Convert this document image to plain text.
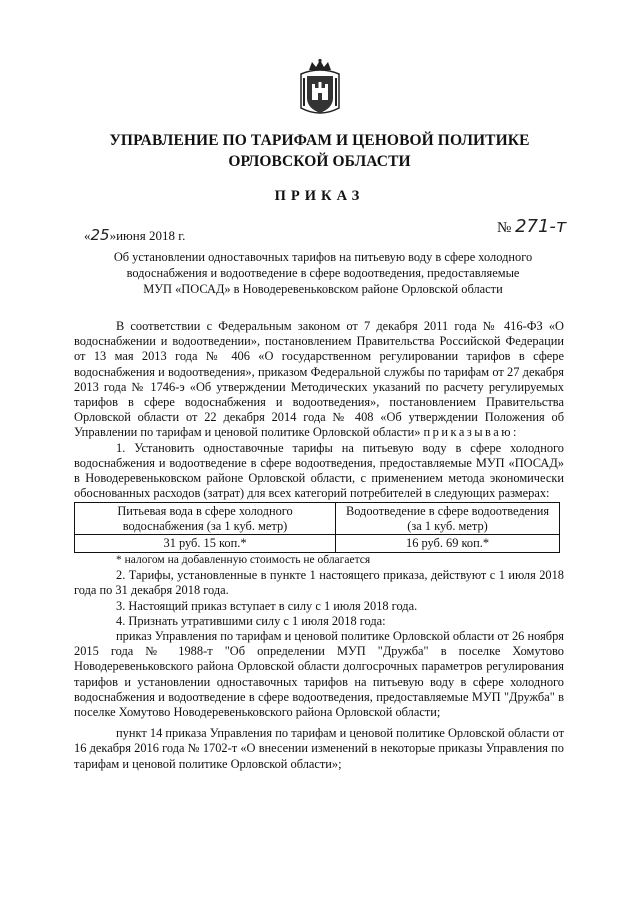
УПРАВЛЕНИЕ ПО ТАРИФАМ И ЦЕНОВОЙ ПОЛИТИКЕ
ОРЛОВСКОЙ ОБЛАСТИ
ПРИКАЗ
«25»июня 2018 г.	№ 271-т
Об установлении одноставочных тарифов на питьевую воду в сфере холодного
водоснабжения и водоотведение в сфере водоотведения, предоставляемые
МУП «ПОСАД» в Новодеревеньковском районе Орловской области

В соответствии с Федеральным законом от 7 декабря 2011 года № 416-ФЗ «О водоснабжении и водоотведении», постановлением Правительства Российской Федерации от 13 мая 2013 года № 406 «О государственном регулировании тарифов в сфере водоснабжения и водоотведения», приказом Федеральной службы по тарифам от 27 декабря 2013 года № 1746-э «Об утверждении Методических указаний по расчету регулируемых тарифов в сфере водоснабжения и водоотведения», постановлением Правительства Орловской области от 22 декабря 2014 года № 408 «Об утверждении Положения об Управлении по тарифам и ценовой политике Орловской области» приказываю:

1. Установить одноставочные тарифы на питьевую воду в сфере холодного водоснабжения и водоотведение в сфере водоотведения, предоставляемые МУП «ПОСАД» в Новодеревеньковском районе Орловской области, с применением метода экономически обоснованных расходов (затрат) для всех категорий потребителей в следующих размерах:

Питьевая вода в сфере холодного водоснабжения (за 1 куб. метр)	Водоотведение в сфере водоотведения (за 1 куб. метр)
31 руб. 15 коп.*	16 руб. 69 коп.*

* налогом на добавленную стоимость не облагается

2. Тарифы, установленные в пункте 1 настоящего приказа, действуют с 1 июля 2018 года по 31 декабря 2018 года.

3. Настоящий приказ вступает в силу с 1 июля 2018 года.

4. Признать утратившими силу с 1 июля 2018 года:

приказ Управления по тарифам и ценовой политике Орловской области от 26 ноября 2015 года № 1988-т "Об определении МУП "Дружба" в поселке Хомутово Новодеревеньковского района Орловской области долгосрочных параметров регулирования тарифов и установлении одноставочных тарифов на питьевую воду в сфере холодного водоснабжения и водоотведение в сфере водоотведения, предоставляемые МУП "Дружба" в поселке Хомутово Новодеревеньковского района Орловской области;

пункт 14 приказа Управления по тарифам и ценовой политике Орловской области от 16 декабря 2016 года № 1702-т «О внесении изменений в некоторые приказы Управления по тарифам и ценовой политике Орловской области»;
